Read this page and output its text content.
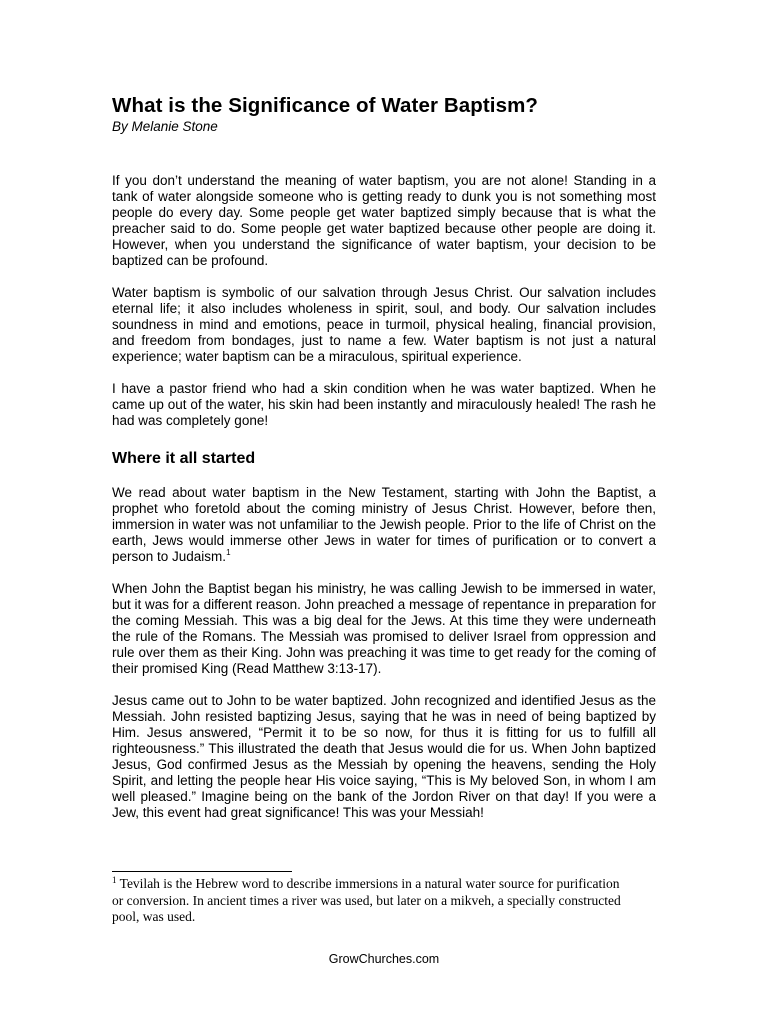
What is the Significance of Water Baptism?
By Melanie Stone

If you don’t understand the meaning of water baptism, you are not alone! Standing in a tank of water alongside someone who is getting ready to dunk you is not something most people do every day. Some people get water baptized simply because that is what the preacher said to do. Some people get water baptized because other people are doing it. However, when you understand the significance of water baptism, your decision to be baptized can be profound.

Water baptism is symbolic of our salvation through Jesus Christ. Our salvation includes eternal life; it also includes wholeness in spirit, soul, and body. Our salvation includes soundness in mind and emotions, peace in turmoil, physical healing, financial provision, and freedom from bondages, just to name a few. Water baptism is not just a natural experience; water baptism can be a miraculous, spiritual experience.

I have a pastor friend who had a skin condition when he was water baptized. When he came up out of the water, his skin had been instantly and miraculously healed! The rash he had was completely gone!

Where it all started

We read about water baptism in the New Testament, starting with John the Baptist, a prophet who foretold about the coming ministry of Jesus Christ. However, before then, immersion in water was not unfamiliar to the Jewish people. Prior to the life of Christ on the earth, Jews would immerse other Jews in water for times of purification or to convert a person to Judaism.$^1$

When John the Baptist began his ministry, he was calling Jewish to be immersed in water, but it was for a different reason. John preached a message of repentance in preparation for the coming Messiah. This was a big deal for the Jews. At this time they were underneath the rule of the Romans. The Messiah was promised to deliver Israel from oppression and rule over them as their King. John was preaching it was time to get ready for the coming of their promised King (Read Matthew 3:13-17).

Jesus came out to John to be water baptized. John recognized and identified Jesus as the Messiah. John resisted baptizing Jesus, saying that he was in need of being baptized by Him. Jesus answered, “Permit it to be so now, for thus it is fitting for us to fulfill all righteousness.” This illustrated the death that Jesus would die for us. When John baptized Jesus, God confirmed Jesus as the Messiah by opening the heavens, sending the Holy Spirit, and letting the people hear His voice saying, “This is My beloved Son, in whom I am well pleased.” Imagine being on the bank of the Jordon River on that day! If you were a Jew, this event had great significance! This was your Messiah!

$^1$ Tevilah is the Hebrew word to describe immersions in a natural water source for purification or conversion. In ancient times a river was used, but later on a mikveh, a specially constructed pool, was used.
GrowChurches.com
